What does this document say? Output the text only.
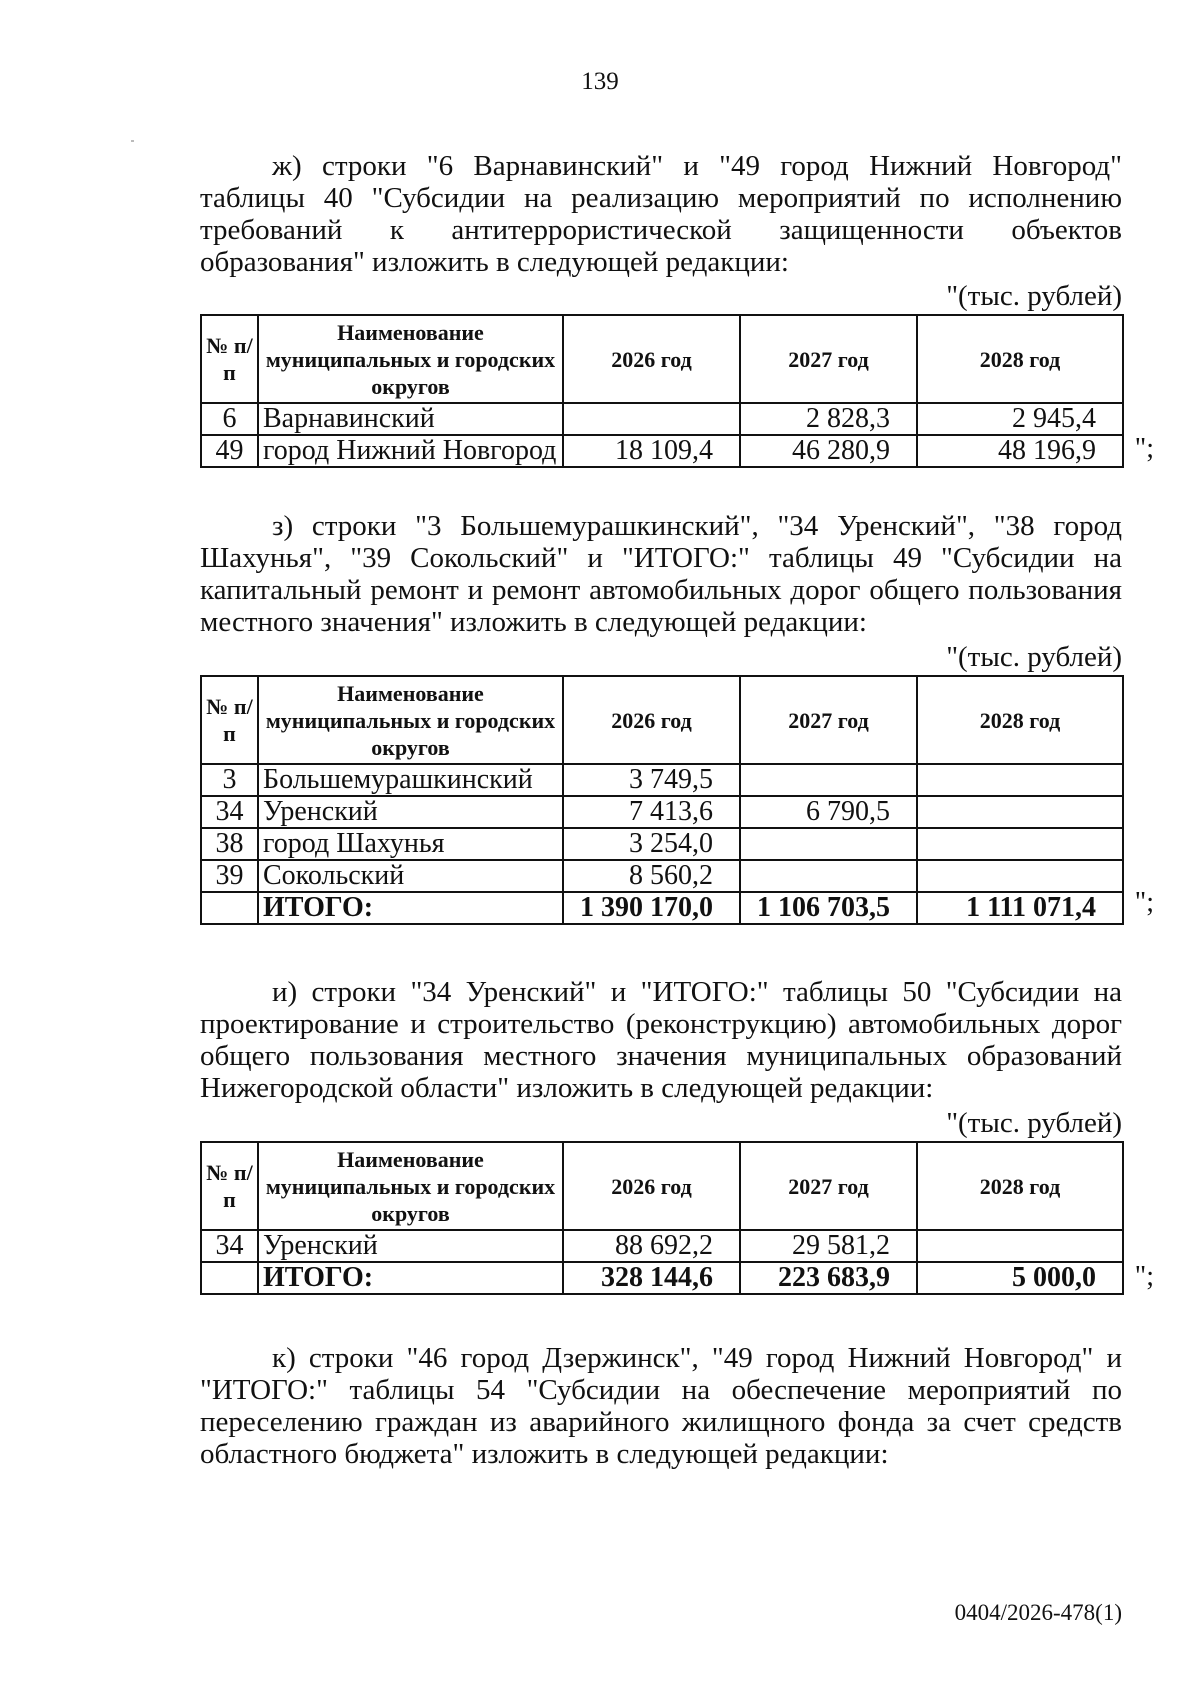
139

ж) строки "6 Варнавинский" и "49 город Нижний Новгород" таблицы 40 "Субсидии на реализацию мероприятий по исполнению требований к антитеррористической защищенности объектов образования" изложить в следующей редакции:

"(тыс. рублей)
№ п/п	Наименование муниципальных и городских округов	2026 год	2027 год	2028 год
6	Варнавинский		2 828,3	2 945,4
49	город Нижний Новгород	18 109,4	46 280,9	48 196,9 ";

з) строки "3 Большемурашкинский", "34 Уренский", "38 город Шахунья", "39 Сокольский" и "ИТОГО:" таблицы 49 "Субсидии на капитальный ремонт и ремонт автомобильных дорог общего пользования местного значения" изложить в следующей редакции:

"(тыс. рублей)
№ п/п	Наименование муниципальных и городских округов	2026 год	2027 год	2028 год
3	Большемурашкинский	3 749,5		
34	Уренский	7 413,6	6 790,5	
38	город Шахунья	3 254,0		
39	Сокольский	8 560,2		
	ИТОГО:	1 390 170,0	1 106 703,5	1 111 071,4 ";

и) строки "34 Уренский" и "ИТОГО:" таблицы 50 "Субсидии на проектирование и строительство (реконструкцию) автомобильных дорог общего пользования местного значения муниципальных образований Нижегородской области" изложить в следующей редакции:

"(тыс. рублей)
№ п/п	Наименование муниципальных и городских округов	2026 год	2027 год	2028 год
34	Уренский	88 692,2	29 581,2	
	ИТОГО:	328 144,6	223 683,9	5 000,0 ";

к) строки "46 город Дзержинск", "49 город Нижний Новгород" и "ИТОГО:" таблицы 54 "Субсидии на обеспечение мероприятий по переселению граждан из аварийного жилищного фонда за счет средств областного бюджета" изложить в следующей редакции:

0404/2026-478(1)
